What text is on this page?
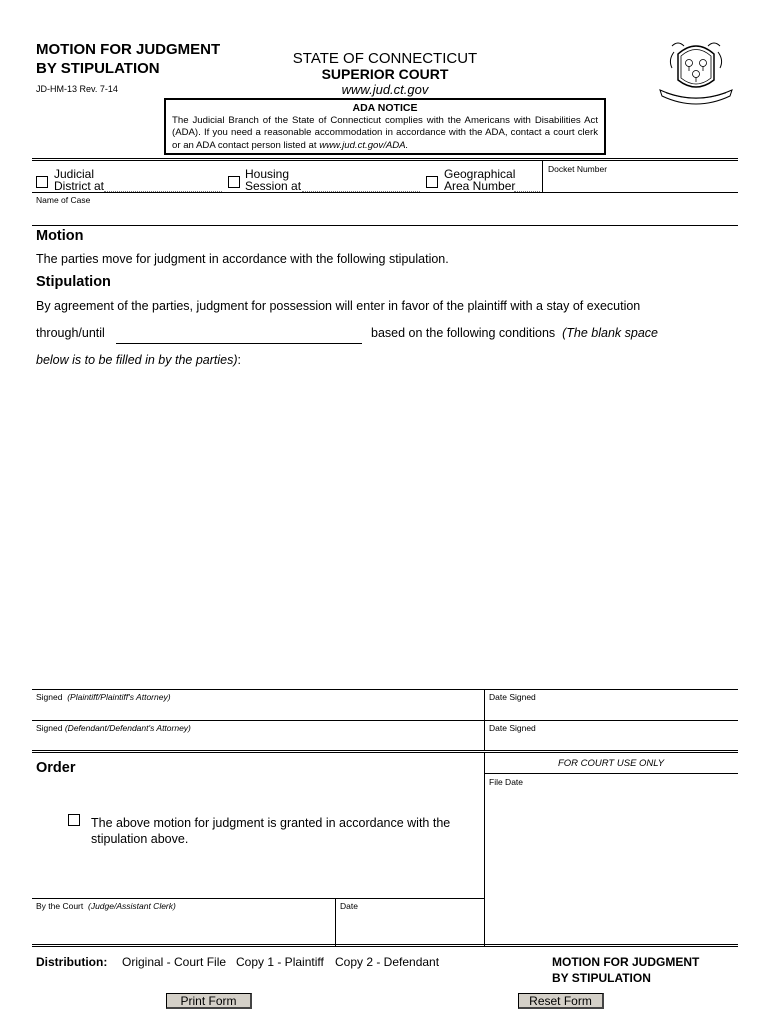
MOTION FOR JUDGMENT
BY STIPULATION
JD-HM-13 Rev. 7-14
STATE OF CONNECTICUT
SUPERIOR COURT
www.jud.ct.gov
ADA NOTICE
The Judicial Branch of the State of Connecticut complies with the Americans with Disabilities Act (ADA). If you need a reasonable accommodation in accordance with the ADA, contact a court clerk or an ADA contact person listed at www.jud.ct.gov/ADA.
Docket Number
Judicial
District at
Housing
Session at
Geographical
Area Number
Name of Case
Motion
The parties move for judgment in accordance with the following stipulation.
Stipulation
By agreement of the parties, judgment for possession will enter in favor of the plaintiff with a stay of execution
through/until	based on the following conditions (The blank space
below is to be filled in by the parties):
Signed (Plaintiff/Plaintiff's Attorney)	Date Signed
Signed (Defendant/Defendant's Attorney)	Date Signed
Order	FOR COURT USE ONLY
File Date
The above motion for judgment is granted in accordance with the
stipulation above.
By the Court (Judge/Assistant Clerk)	Date
Distribution: Original - Court File Copy 1 - Plaintiff Copy 2 - Defendant	MOTION FOR JUDGMENT
BY STIPULATION
Print Form	Reset Form
